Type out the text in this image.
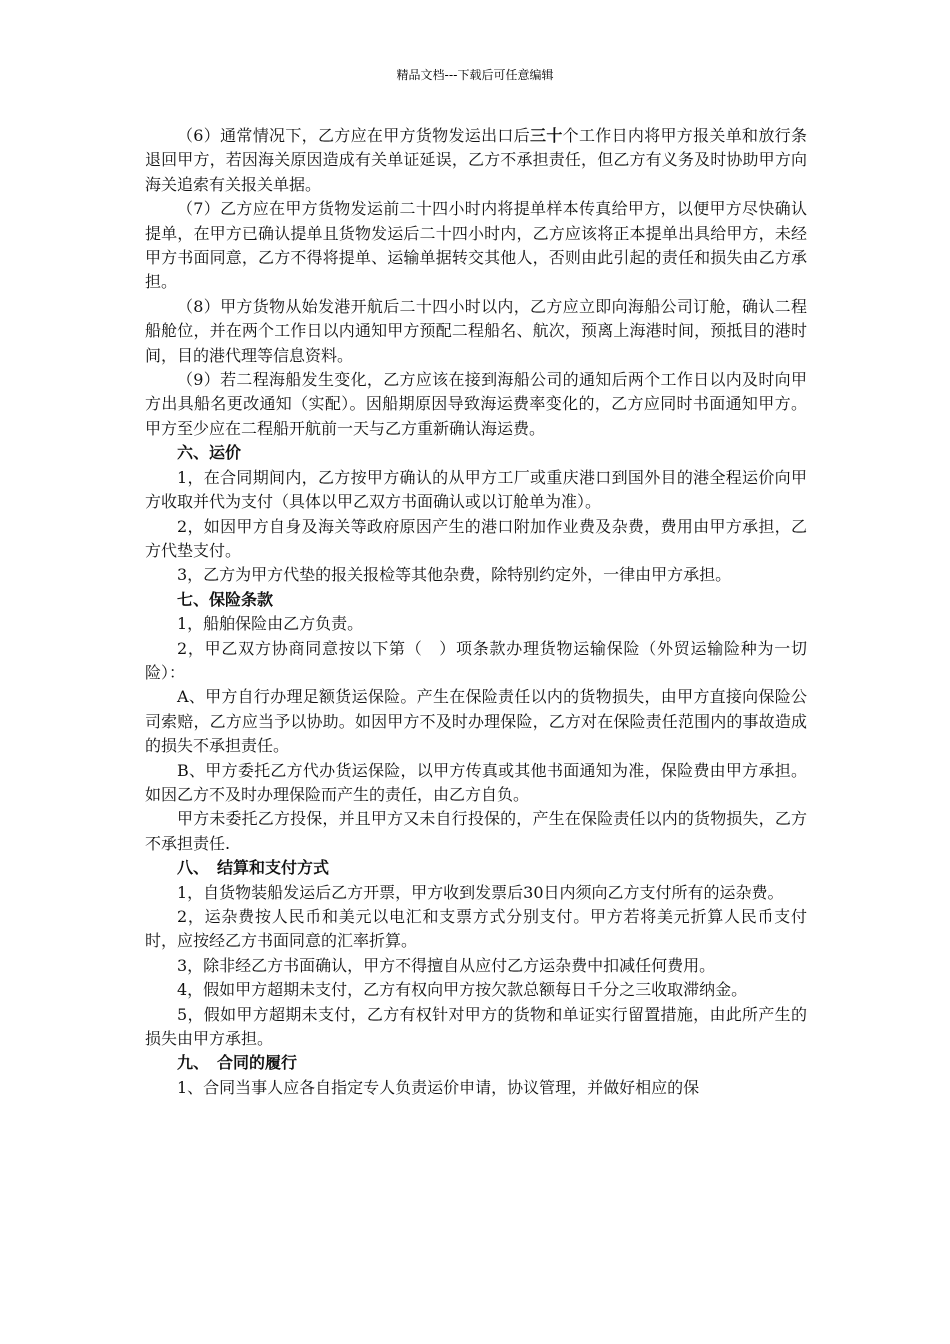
精品文档---下载后可任意编辑

（6）通常情况下，乙方应在甲方货物发运出口后三十个工作日内将甲方报关单和放行条退回甲方，若因海关原因造成有关单证延误，乙方不承担责任，但乙方有义务及时协助甲方向海关追索有关报关单据。

（7）乙方应在甲方货物发运前二十四小时内将提单样本传真给甲方，以便甲方尽快确认提单，在甲方已确认提单且货物发运后二十四小时内，乙方应该将正本提单出具给甲方，未经甲方书面同意，乙方不得将提单、运输单据转交其他人，否则由此引起的责任和损失由乙方承担。

（8）甲方货物从始发港开航后二十四小时以内，乙方应立即向海船公司订舱，确认二程船舱位，并在两个工作日以内通知甲方预配二程船名、航次，预离上海港时间，预抵目的港时间，目的港代理等信息资料。

（9）若二程海船发生变化，乙方应该在接到海船公司的通知后两个工作日以内及时向甲方出具船名更改通知（实配）。因船期原因导致海运费率变化的，乙方应同时书面通知甲方。甲方至少应在二程船开航前一天与乙方重新确认海运费。

六、运价

1，在合同期间内，乙方按甲方确认的从甲方工厂或重庆港口到国外目的港全程运价向甲方收取并代为支付（具体以甲乙双方书面确认或以订舱单为准）。

2，如因甲方自身及海关等政府原因产生的港口附加作业费及杂费，费用由甲方承担，乙方代垫支付。

3，乙方为甲方代垫的报关报检等其他杂费，除特别约定外，一律由甲方承担。

七、保险条款

1，船舶保险由乙方负责。

2，甲乙双方协商同意按以下第（　）项条款办理货物运输保险（外贸运输险种为一切险）：

A、甲方自行办理足额货运保险。产生在保险责任以内的货物损失，由甲方直接向保险公司索赔，乙方应当予以协助。如因甲方不及时办理保险，乙方对在保险责任范围内的事故造成的损失不承担责任。

B、甲方委托乙方代办货运保险，以甲方传真或其他书面通知为准，保险费由甲方承担。如因乙方不及时办理保险而产生的责任，由乙方自负。

甲方未委托乙方投保，并且甲方又未自行投保的，产生在保险责任以内的货物损失，乙方不承担责任.

八、　结算和支付方式

1，自货物装船发运后乙方开票，甲方收到发票后30日内须向乙方支付所有的运杂费。

2，运杂费按人民币和美元以电汇和支票方式分别支付。甲方若将美元折算人民币支付时，应按经乙方书面同意的汇率折算。

3，除非经乙方书面确认，甲方不得擅自从应付乙方运杂费中扣减任何费用。

4，假如甲方超期未支付，乙方有权向甲方按欠款总额每日千分之三收取滞纳金。

5，假如甲方超期未支付，乙方有权针对甲方的货物和单证实行留置措施，由此所产生的损失由甲方承担。

九、　合同的履行

1、合同当事人应各自指定专人负责运价申请，协议管理，并做好相应的保
